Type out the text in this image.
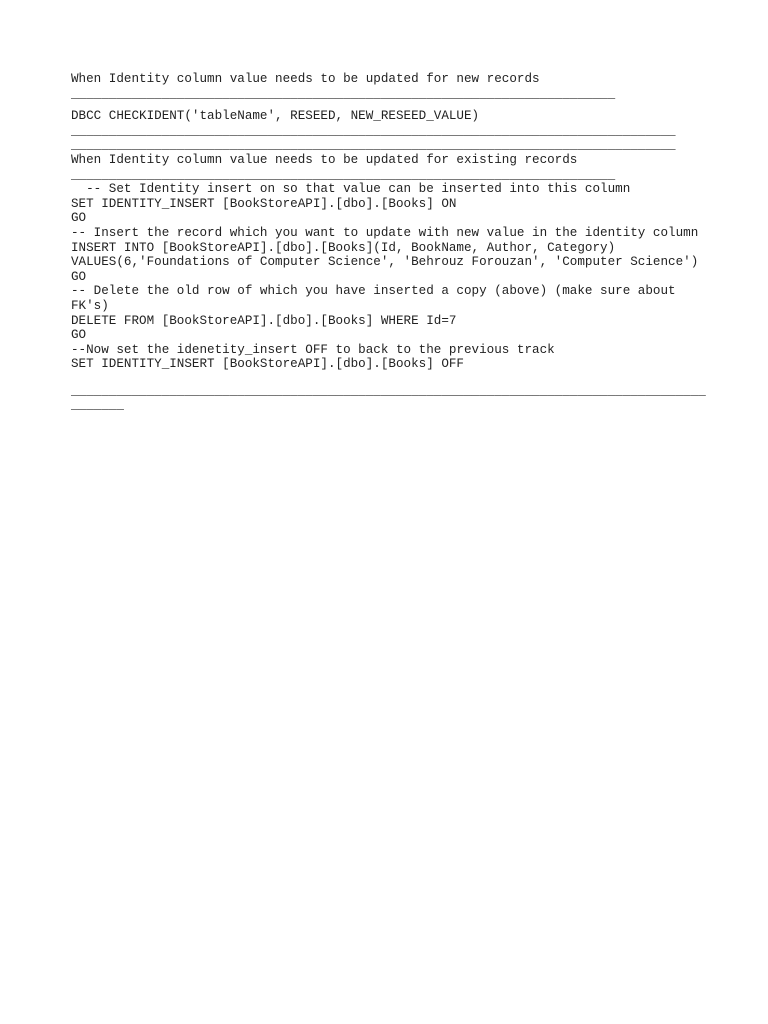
When Identity column value needs to be updated for new records
________________________________________________________________________
DBCC CHECKIDENT('tableName', RESEED, NEW_RESEED_VALUE)
________________________________________________________________________________
________________________________________________________________________________
When Identity column value needs to be updated for existing records
________________________________________________________________________
-- Set Identity insert on so that value can be inserted into this column
SET IDENTITY_INSERT [BookStoreAPI].[dbo].[Books] ON
GO
-- Insert the record which you want to update with new value in the identity column
INSERT INTO [BookStoreAPI].[dbo].[Books](Id, BookName, Author, Category)
VALUES(6,'Foundations of Computer Science', 'Behrouz Forouzan', 'Computer Science')
GO
-- Delete the old row of which you have inserted a copy (above) (make sure about
FK's)
DELETE FROM [BookStoreAPI].[dbo].[Books] WHERE Id=7
GO
--Now set the idenetity_insert OFF to back to the previous track
SET IDENTITY_INSERT [BookStoreAPI].[dbo].[Books] OFF
____________________________________________________________________________________
_______
